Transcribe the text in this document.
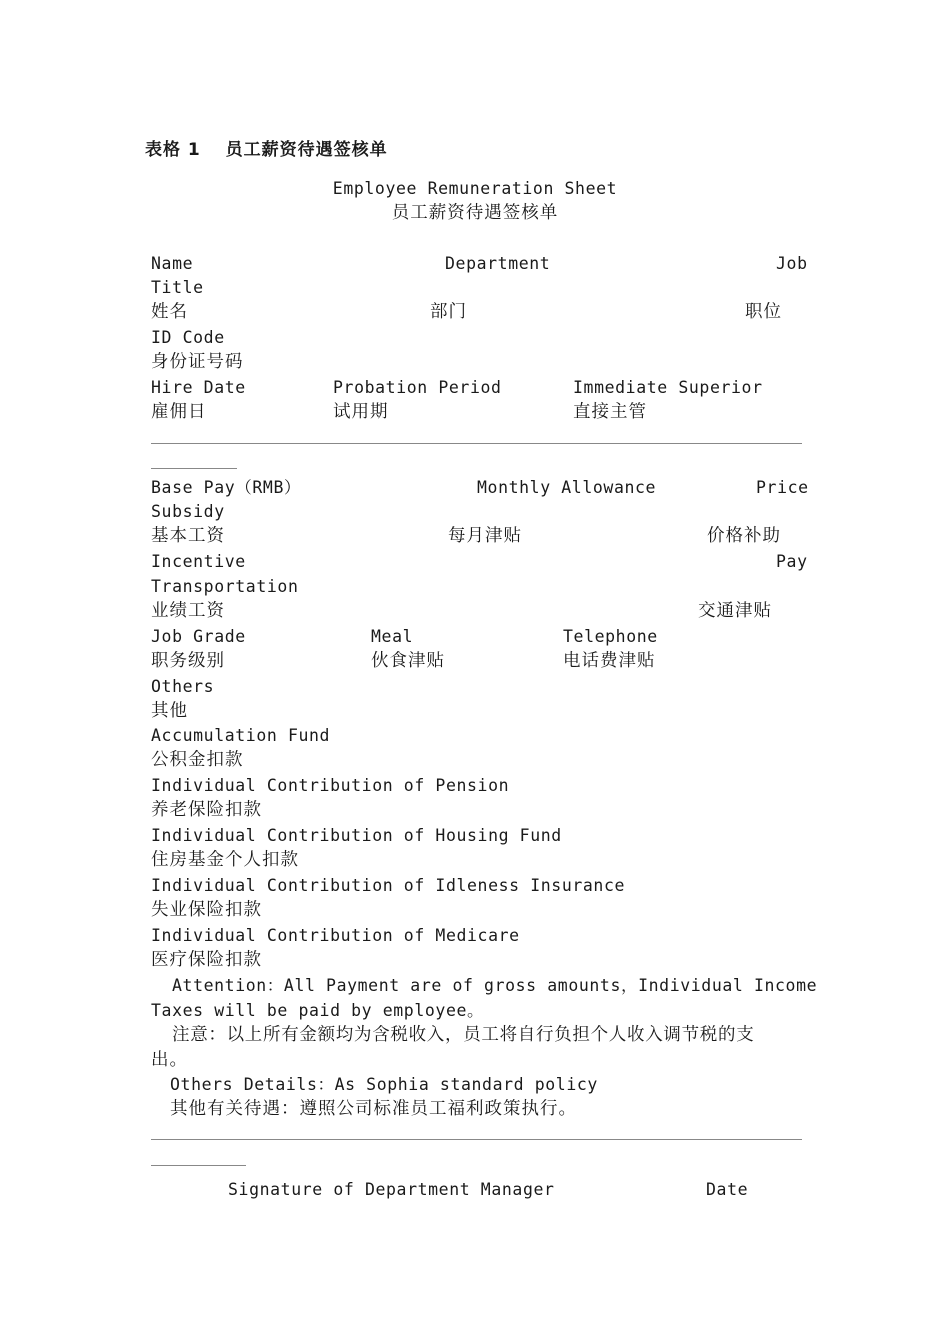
表格 1　 员工薪资待遇签核单
Employee Remuneration Sheet
员工薪资待遇签核单
Name	Department	Job
Title
姓名	部门	职位
ID Code
身份证号码
Hire Date	Probation Period	Immediate Superior
雇佣日	试用期	直接主管
Base Pay（RMB）	Monthly Allowance	Price
Subsidy
基本工资	每月津贴	价格补助
Incentive	Pay
Transportation
业绩工资	交通津贴
Job Grade	Meal	Telephone
职务级别	伙食津贴	电话费津贴
Others
其他
Accumulation Fund
公积金扣款
Individual Contribution of Pension
养老保险扣款
Individual Contribution of Housing Fund
住房基金个人扣款
Individual Contribution of Idleness Insurance
失业保险扣款
Individual Contribution of Medicare
医疗保险扣款
Attention：All Payment are of gross amounts，Individual Income
Taxes will be paid by employee。
注意：以上所有金额均为含税收入，员工将自行负担个人收入调节税的支
出。
Others Details：As Sophia standard policy
其他有关待遇：遵照公司标准员工福利政策执行。
Signature of Department Manager	Date
